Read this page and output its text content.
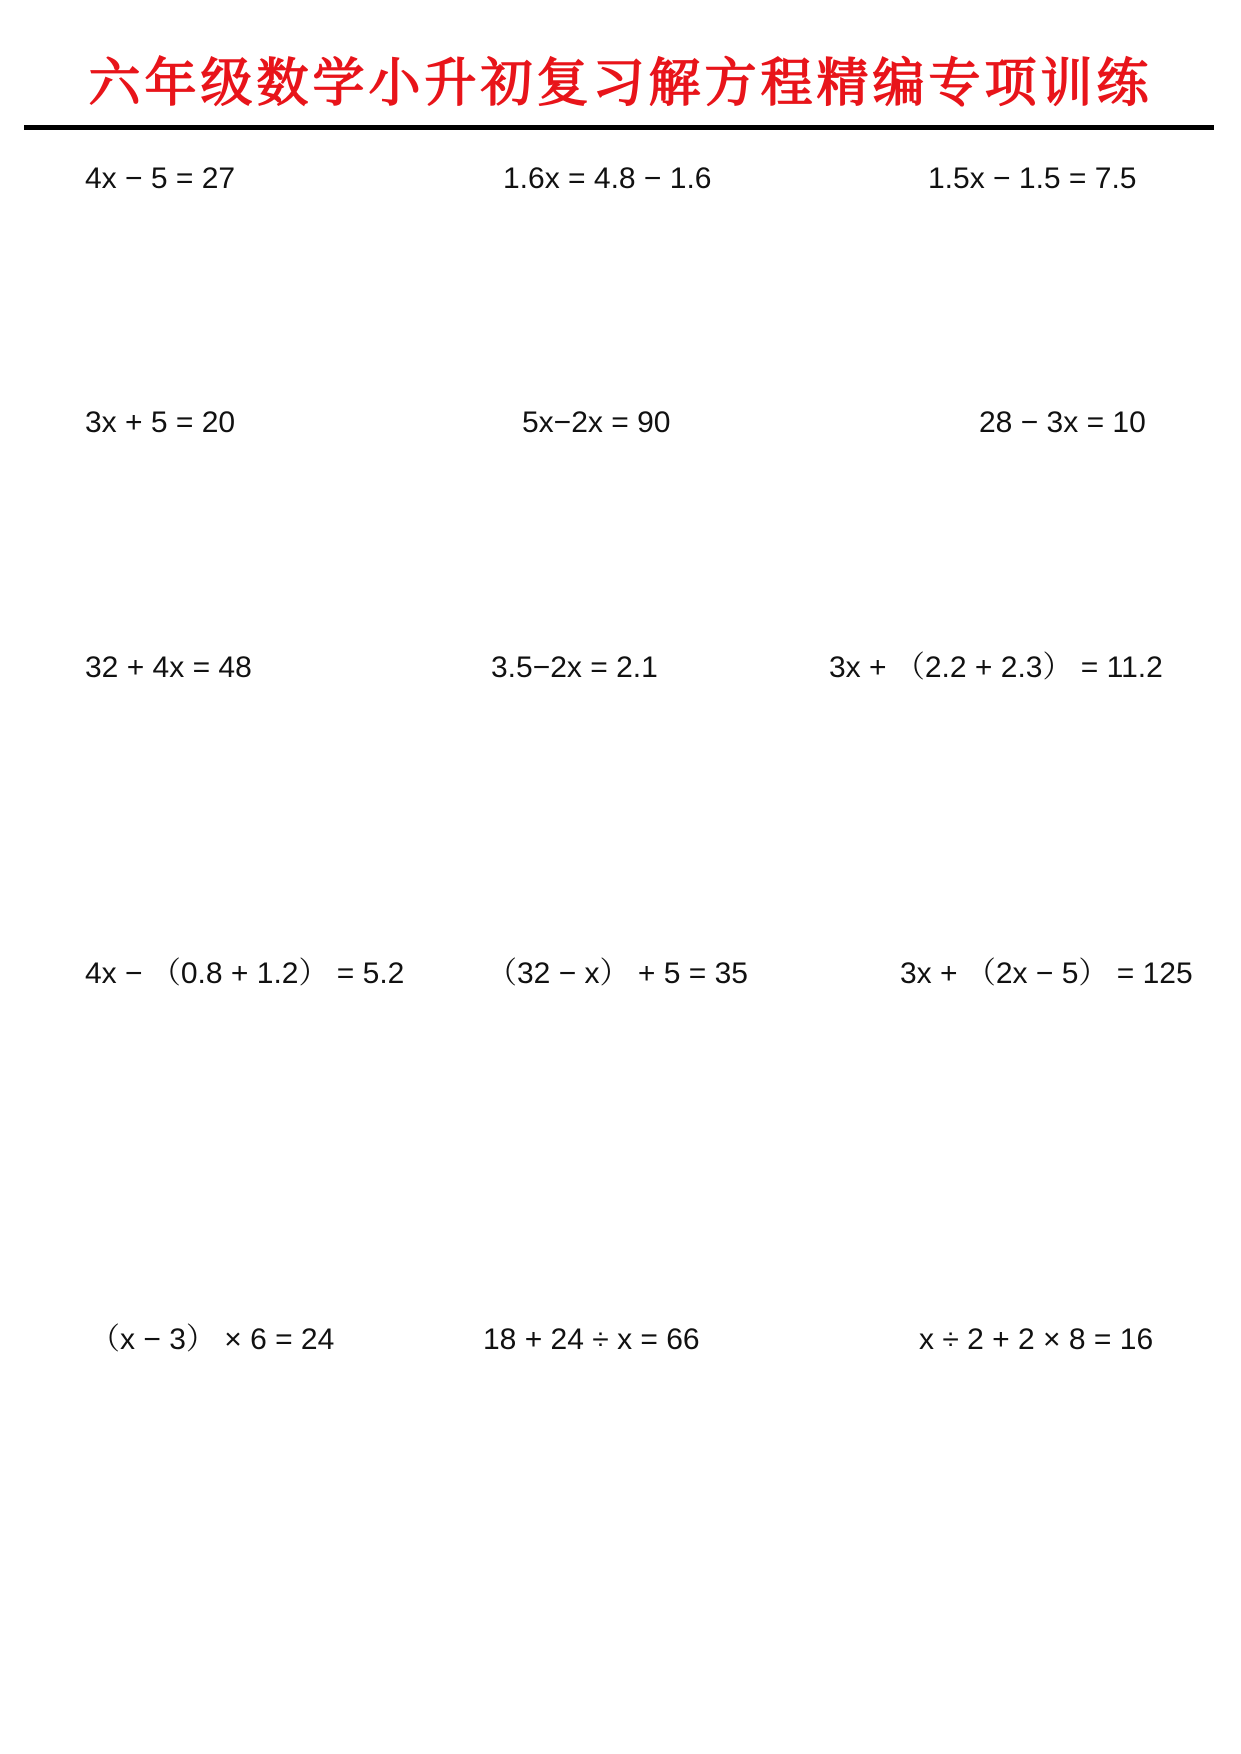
六年级数学小升初复习解方程精编专项训练
4x − 5 = 27	1.6x = 4.8 − 1.6	1.5x − 1.5 = 7.5
3x + 5 = 20	5x−2x = 90	28 − 3x = 10
32 + 4x = 48	3.5−2x = 2.1	3x + （2.2 + 2.3） = 11.2
4x − （0.8 + 1.2） = 5.2	（32 − x） + 5 = 35	3x + （2x − 5） = 125
（x − 3） × 6 = 24	18 + 24 ÷ x = 66	x ÷ 2 + 2 × 8 = 16
